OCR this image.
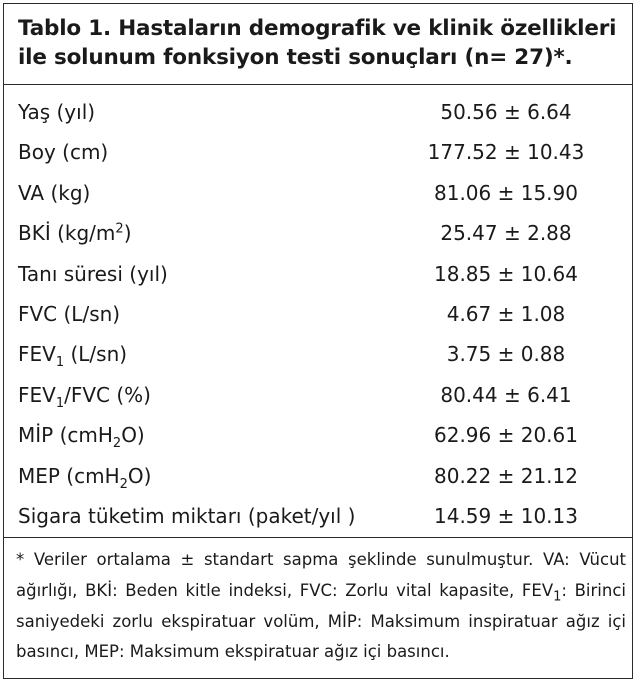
Tablo 1. Hastaların demografik ve klinik özellikleri ile solunum fonksiyon testi sonuçları (n= 27)*.
Yaş (yıl)	50.56 ± 6.64
Boy (cm)	177.52 ± 10.43
VA (kg)	81.06 ± 15.90
BKİ $(kg/m^2)$	25.47 ± 2.88
Tanı süresi (yıl)	18.85 ± 10.64
FVC (L/sn)	4.67 ± 1.08
$FEV_1$ (L/sn)	3.75 ± 0.88
$FEV_1$/FVC (%)	80.44 ± 6.41
MİP (cmH$_2$O)	62.96 ± 20.61
MEP (cmH$_2$O)	80.22 ± 21.12
Sigara tüketim miktarı (paket/yıl )	14.59 ± 10.13
* Veriler ortalama ± standart sapma şeklinde sunulmuştur. VA: Vücut ağırlığı, BKİ: Beden kitle indeksi, FVC: Zorlu vital kapasite, $FEV_1$: Birinci saniyedeki zorlu ekspiratuar volüm, MİP: Maksimum inspiratuar ağız içi basıncı, MEP: Maksimum ekspiratuar ağız içi basıncı.
